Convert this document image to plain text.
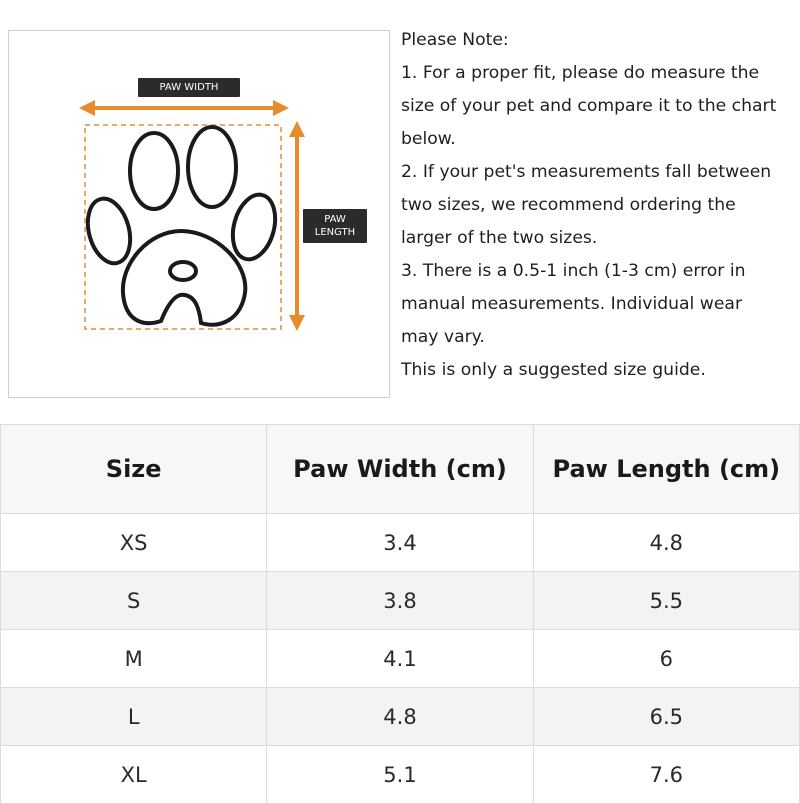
PAW WIDTH
PAW
LENGTH
Please Note:
1. For a proper fit, please do measure the
size of your pet and compare it to the chart
below.
2. If your pet's measurements fall between
two sizes, we recommend ordering the
larger of the two sizes.
3. There is a 0.5-1 inch (1-3 cm) error in
manual measurements. Individual wear
may vary.
This is only a suggested size guide.
Size	Paw Width (cm)	Paw Length (cm)
XS	3.4	4.8
S	3.8	5.5
M	4.1	6
L	4.8	6.5
XL	5.1	7.6
